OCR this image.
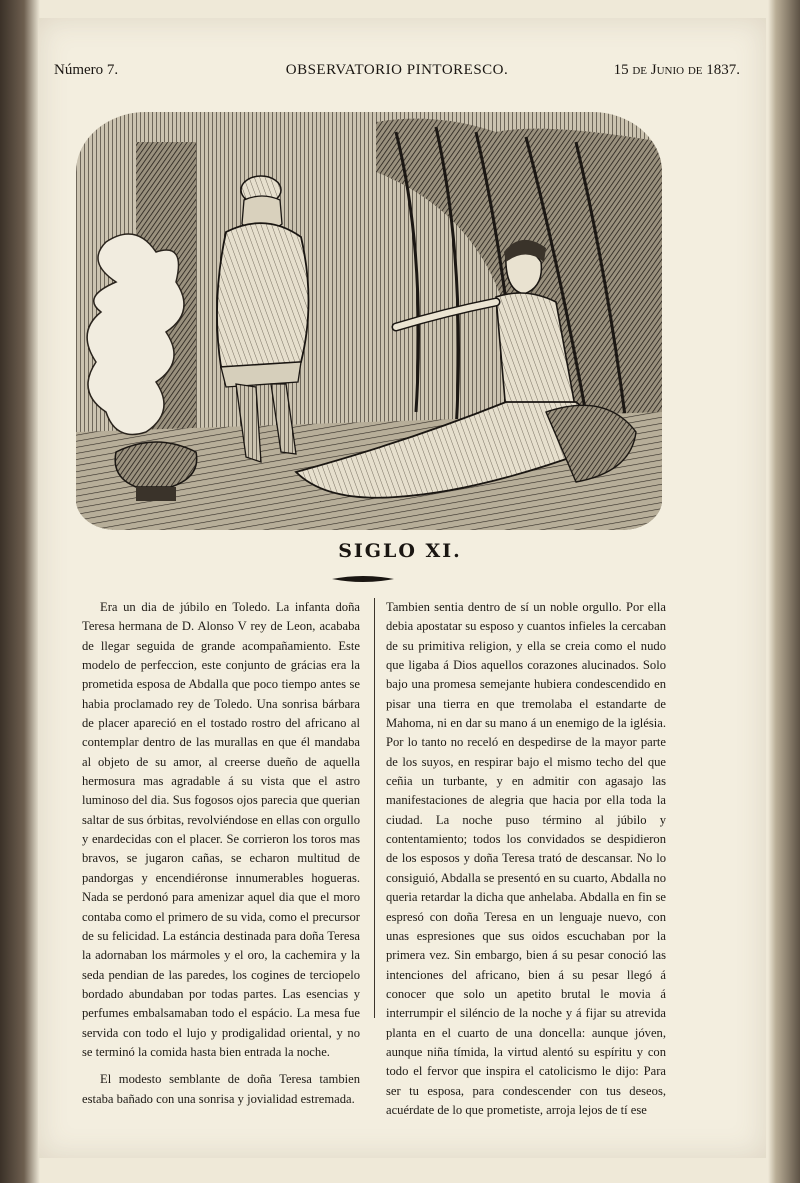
Número 7.	OBSERVATORIO PINTORESCO.	15 de Junio de 1837.
SIGLO XI.

Era un dia de júbilo en Toledo. La infanta doña Teresa hermana de D. Alonso V rey de Leon, acababa de llegar seguida de grande acompañamiento. Este modelo de perfeccion, este conjunto de grácias era la prometida esposa de Abdalla que poco tiempo antes se habia proclamado rey de Toledo. Una sonrisa bárbara de placer apareció en el tostado rostro del africano al contemplar dentro de las murallas en que él mandaba al objeto de su amor, al creerse dueño de aquella hermosura mas agradable á su vista que el astro luminoso del dia. Sus fogosos ojos parecia que querian saltar de sus órbitas, revolviéndose en ellas con orgullo y enardecidas con el placer. Se corrieron los toros mas bravos, se jugaron cañas, se echaron multitud de pandorgas y encendiéronse innumerables hogueras. Nada se perdonó para amenizar aquel dia que el moro contaba como el primero de su vida, como el precursor de su felicidad. La estáncia destinada para doña Teresa la adornaban los mármoles y el oro, la cachemira y la seda pendian de las paredes, los cogines de terciopelo bordado abundaban por todas partes. Las esencias y perfumes embalsamaban todo el espácio. La mesa fue servida con todo el lujo y prodigalidad oriental, y no se terminó la comida hasta bien entrada la noche.

El modesto semblante de doña Teresa tambien estaba bañado con una sonrisa y jovialidad estremada.

Tambien sentia dentro de sí un noble orgullo. Por ella debia apostatar su esposo y cuantos infieles la cercaban de su primitiva religion, y ella se creia como el nudo que ligaba á Dios aquellos corazones alucinados. Solo bajo una promesa semejante hubiera condescendido en pisar una tierra en que tremolaba el estandarte de Mahoma, ni en dar su mano á un enemigo de la iglésia. Por lo tanto no receló en despedirse de la mayor parte de los suyos, en respirar bajo el mismo techo del que ceñia un turbante, y en admitir con agasajo las manifestaciones de alegria que hacia por ella toda la ciudad. La noche puso término al júbilo y contentamiento; todos los convidados se despidieron de los esposos y doña Teresa trató de descansar. No lo consiguió, Abdalla se presentó en su cuarto, Abdalla no queria retardar la dicha que anhelaba. Abdalla en fin se espresó con doña Teresa en un lenguaje nuevo, con unas espresiones que sus oidos escuchaban por la primera vez. Sin embargo, bien á su pesar conoció las intenciones del africano, bien á su pesar llegó á conocer que solo un apetito brutal le movia á interrumpir el siléncio de la noche y á fijar su atrevida planta en el cuarto de una doncella: aunque jóven, aunque niña tímida, la virtud alentó su espíritu y con todo el fervor que inspira el catolicismo le dijo: Para ser tu esposa, para condescender con tus deseos, acuérdate de lo que prometiste, arroja lejos de tí ese
